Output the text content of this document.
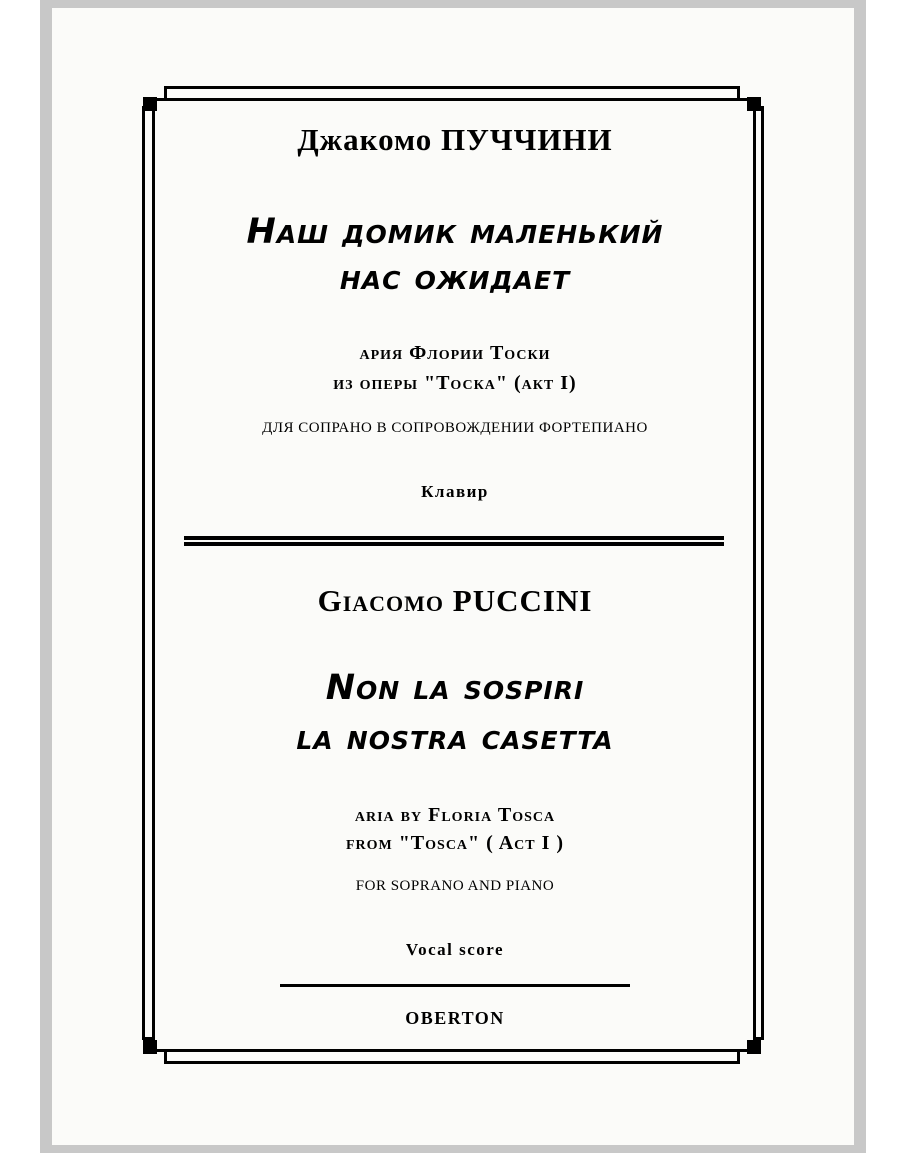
Джакомо ПУЧЧИНИ
Наш домик маленький
нас ожидает
ария Флории Тоски
из оперы "Тоска" (акт I)
ДЛЯ СОПРАНО В СОПРОВОЖДЕНИИ ФОРТЕПИАНО
Клавир
Giacomo PUCCINI
Non la sospiri
la nostra casetta
aria by Floria Tosca
from "Tosca" ( Act I )
FOR SOPRANO AND PIANO
Vocal score
OBERTON
